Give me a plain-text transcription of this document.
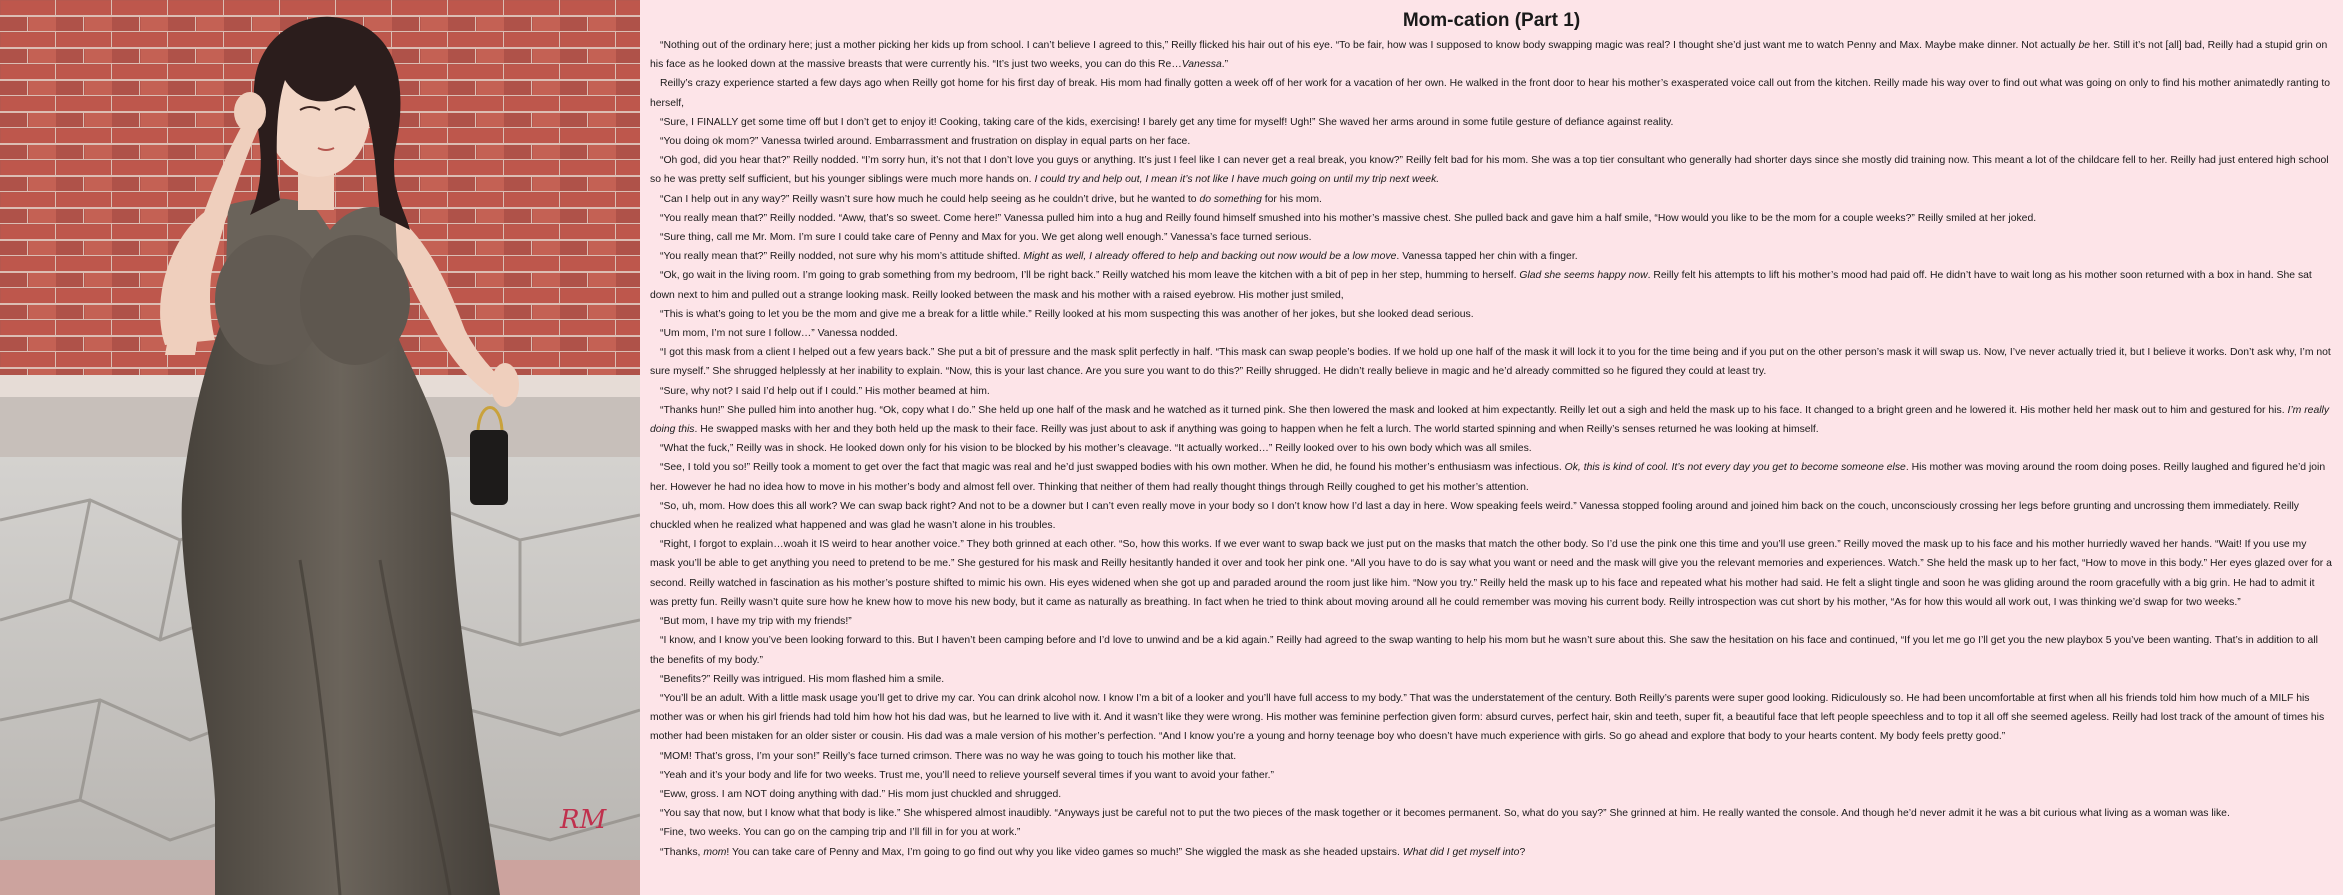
RM
Mom-cation (Part 1)

“Nothing out of the ordinary here; just a mother picking her kids up from school. I can’t believe I agreed to this,” Reilly flicked his hair out of his eye. “To be fair, how was I supposed to know body swapping magic was real? I thought she’d just want me to watch Penny and Max. Maybe make dinner. Not actually be her. Still it’s not [all] bad, Reilly had a stupid grin on his face as he looked down at the massive breasts that were currently his. “It’s just two weeks, you can do this Re…Vanessa.”

Reilly’s crazy experience started a few days ago when Reilly got home for his first day of break. His mom had finally gotten a week off of her work for a vacation of her own. He walked in the front door to hear his mother’s exasperated voice call out from the kitchen. Reilly made his way over to find out what was going on only to find his mother animatedly ranting to herself,

“Sure, I FINALLY get some time off but I don’t get to enjoy it! Cooking, taking care of the kids, exercising! I barely get any time for myself! Ugh!” She waved her arms around in some futile gesture of defiance against reality.

“You doing ok mom?” Vanessa twirled around. Embarrassment and frustration on display in equal parts on her face.

“Oh god, did you hear that?” Reilly nodded. “I’m sorry hun, it’s not that I don’t love you guys or anything. It’s just I feel like I can never get a real break, you know?” Reilly felt bad for his mom. She was a top tier consultant who generally had shorter days since she mostly did training now. This meant a lot of the childcare fell to her. Reilly had just entered high school so he was pretty self sufficient, but his younger siblings were much more hands on. I could try and help out, I mean it’s not like I have much going on until my trip next week.

“Can I help out in any way?” Reilly wasn’t sure how much he could help seeing as he couldn’t drive, but he wanted to do something for his mom.

“You really mean that?” Reilly nodded. “Aww, that’s so sweet. Come here!” Vanessa pulled him into a hug and Reilly found himself smushed into his mother’s massive chest. She pulled back and gave him a half smile, “How would you like to be the mom for a couple weeks?” Reilly smiled at her joked.

“Sure thing, call me Mr. Mom. I’m sure I could take care of Penny and Max for you. We get along well enough.” Vanessa’s face turned serious.

“You really mean that?” Reilly nodded, not sure why his mom’s attitude shifted. Might as well, I already offered to help and backing out now would be a low move. Vanessa tapped her chin with a finger.

“Ok, go wait in the living room. I’m going to grab something from my bedroom, I’ll be right back.” Reilly watched his mom leave the kitchen with a bit of pep in her step, humming to herself. Glad she seems happy now. Reilly felt his attempts to lift his mother’s mood had paid off. He didn’t have to wait long as his mother soon returned with a box in hand. She sat down next to him and pulled out a strange looking mask. Reilly looked between the mask and his mother with a raised eyebrow. His mother just smiled,

“This is what’s going to let you be the mom and give me a break for a little while.” Reilly looked at his mom suspecting this was another of her jokes, but she looked dead serious.

“Um mom, I’m not sure I follow…” Vanessa nodded.

“I got this mask from a client I helped out a few years back.” She put a bit of pressure and the mask split perfectly in half. “This mask can swap people’s bodies. If we hold up one half of the mask it will lock it to you for the time being and if you put on the other person’s mask it will swap us. Now, I’ve never actually tried it, but I believe it works. Don’t ask why, I’m not sure myself.” She shrugged helplessly at her inability to explain. “Now, this is your last chance. Are you sure you want to do this?” Reilly shrugged. He didn’t really believe in magic and he’d already committed so he figured they could at least try.

“Sure, why not? I said I’d help out if I could.” His mother beamed at him.

“Thanks hun!” She pulled him into another hug. “Ok, copy what I do.” She held up one half of the mask and he watched as it turned pink. She then lowered the mask and looked at him expectantly. Reilly let out a sigh and held the mask up to his face. It changed to a bright green and he lowered it. His mother held her mask out to him and gestured for his. I’m really doing this. He swapped masks with her and they both held up the mask to their face. Reilly was just about to ask if anything was going to happen when he felt a lurch. The world started spinning and when Reilly’s senses returned he was looking at himself.

“What the fuck,” Reilly was in shock. He looked down only for his vision to be blocked by his mother’s cleavage. “It actually worked…” Reilly looked over to his own body which was all smiles.

“See, I told you so!” Reilly took a moment to get over the fact that magic was real and he’d just swapped bodies with his own mother. When he did, he found his mother’s enthusiasm was infectious. Ok, this is kind of cool. It’s not every day you get to become someone else. His mother was moving around the room doing poses. Reilly laughed and figured he’d join her. However he had no idea how to move in his mother’s body and almost fell over. Thinking that neither of them had really thought things through Reilly coughed to get his mother’s attention.

“So, uh, mom. How does this all work? We can swap back right? And not to be a downer but I can’t even really move in your body so I don’t know how I’d last a day in here. Wow speaking feels weird.” Vanessa stopped fooling around and joined him back on the couch, unconsciously crossing her legs before grunting and uncrossing them immediately. Reilly chuckled when he realized what happened and was glad he wasn’t alone in his troubles.

“Right, I forgot to explain…woah it IS weird to hear another voice.” They both grinned at each other. “So, how this works. If we ever want to swap back we just put on the masks that match the other body. So I’d use the pink one this time and you’ll use green.” Reilly moved the mask up to his face and his mother hurriedly waved her hands. “Wait! If you use my mask you’ll be able to get anything you need to pretend to be me.” She gestured for his mask and Reilly hesitantly handed it over and took her pink one. “All you have to do is say what you want or need and the mask will give you the relevant memories and experiences. Watch.” She held the mask up to her fact, “How to move in this body.” Her eyes glazed over for a second. Reilly watched in fascination as his mother’s posture shifted to mimic his own. His eyes widened when she got up and paraded around the room just like him. “Now you try.” Reilly held the mask up to his face and repeated what his mother had said. He felt a slight tingle and soon he was gliding around the room gracefully with a big grin. He had to admit it was pretty fun. Reilly wasn’t quite sure how he knew how to move his new body, but it came as naturally as breathing. In fact when he tried to think about moving around all he could remember was moving his current body. Reilly introspection was cut short by his mother, “As for how this would all work out, I was thinking we’d swap for two weeks.”

“But mom, I have my trip with my friends!”

“I know, and I know you’ve been looking forward to this. But I haven’t been camping before and I’d love to unwind and be a kid again.” Reilly had agreed to the swap wanting to help his mom but he wasn’t sure about this. She saw the hesitation on his face and continued, “If you let me go I’ll get you the new playbox 5 you’ve been wanting. That’s in addition to all the benefits of my body.”

“Benefits?” Reilly was intrigued. His mom flashed him a smile.

“You’ll be an adult. With a little mask usage you’ll get to drive my car. You can drink alcohol now. I know I’m a bit of a looker and you’ll have full access to my body.” That was the understatement of the century. Both Reilly’s parents were super good looking. Ridiculously so. He had been uncomfortable at first when all his friends told him how much of a MILF his mother was or when his girl friends had told him how hot his dad was, but he learned to live with it. And it wasn’t like they were wrong. His mother was feminine perfection given form: absurd curves, perfect hair, skin and teeth, super fit, a beautiful face that left people speechless and to top it all off she seemed ageless. Reilly had lost track of the amount of times his mother had been mistaken for an older sister or cousin. His dad was a male version of his mother’s perfection. “And I know you’re a young and horny teenage boy who doesn’t have much experience with girls. So go ahead and explore that body to your hearts content. My body feels pretty good.”

“MOM! That’s gross, I’m your son!” Reilly’s face turned crimson. There was no way he was going to touch his mother like that.

“Yeah and it’s your body and life for two weeks. Trust me, you’ll need to relieve yourself several times if you want to avoid your father.”

“Eww, gross. I am NOT doing anything with dad.” His mom just chuckled and shrugged.

“You say that now, but I know what that body is like.” She whispered almost inaudibly. “Anyways just be careful not to put the two pieces of the mask together or it becomes permanent. So, what do you say?” She grinned at him. He really wanted the console. And though he’d never admit it he was a bit curious what living as a woman was like.

“Fine, two weeks. You can go on the camping trip and I’ll fill in for you at work.”

“Thanks, mom! You can take care of Penny and Max, I’m going to go find out why you like video games so much!” She wiggled the mask as she headed upstairs. What did I get myself into?
